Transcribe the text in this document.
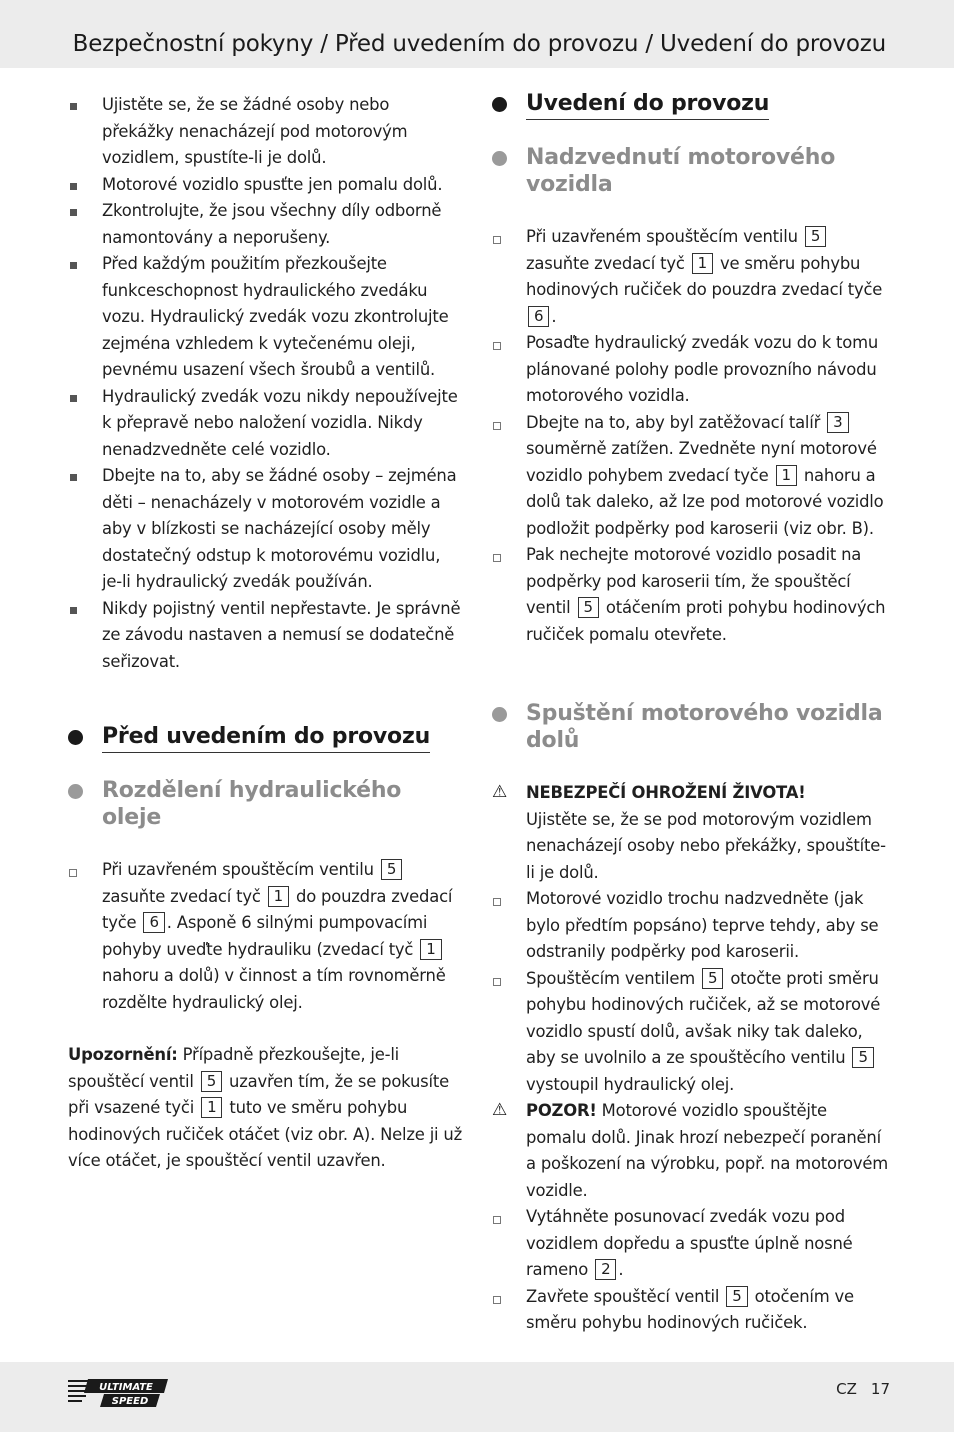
Bezpečnostní pokyny / Před uvedením do provozu / Uvedení do provozu
Ujistěte se, že se žádné osoby nebo překážky nenacházejí pod motorovým vozidlem, spustíte-li je dolů.
Motorové vozidlo spusťte jen pomalu dolů.
Zkontrolujte, že jsou všechny díly odborně namontovány a neporušeny.
Před každým použitím přezkoušejte funkceschopnost hydraulického zvedáku vozu. Hydraulický zvedák vozu zkontrolujte zejména vzhledem k vytečenému oleji, pevnému usazení všech šroubů a ventilů.
Hydraulický zvedák vozu nikdy nepoužívejte k přepravě nebo naložení vozidla. Nikdy nenadzvedněte celé vozidlo.
Dbejte na to, aby se žádné osoby – zejména děti – nenacházely v motorovém vozidle a aby v blízkosti se nacházející osoby měly dostatečný odstup k motorovému vozidlu, je-li hydraulický zvedák používán.
Nikdy pojistný ventil nepřestavte. Je správně ze závodu nastaven a nemusí se dodatečně seřizovat.
Před uvedením do provozu
Rozdělení hydraulického oleje
Při uzavřeném spouštěcím ventilu 5 zasuňte zvedací tyč 1 do pouzdra zvedací tyče 6 . Asponě 6 silnými pumpovacími pohyby uveďte hydrauliku (zvedací tyč 1 nahoru a dolů) v činnost a tím rovnoměrně rozdělte hydraulický olej.
Upozornění: Případně přezkoušejte, je-li spouštěcí ventil 5 uzavřen tím, že se pokusíte při vsazené tyči 1 tuto ve směru pohybu hodinových ručiček otáčet (viz obr. A). Nelze ji už více otáčet, je spouštěcí ventil uzavřen.
Uvedení do provozu
Nadzvednutí motorového vozidla
Při uzavřeném spouštěcím ventilu 5 zasuňte zvedací tyč 1 ve směru pohybu hodinových ručiček do pouzdra zvedací tyče 6 .
Posaďte hydraulický zvedák vozu do k tomu plánované polohy podle provozního návodu motorového vozidla.
Dbejte na to, aby byl zatěžovací talíř 3 souměrně zatížen. Zvedněte nyní motorové vozidlo pohybem zvedací tyče 1 nahoru a dolů tak daleko, až lze pod motorové vozidlo podložit podpěrky pod karoserii (viz obr. B).
Pak nechejte motorové vozidlo posadit na podpěrky pod karoserii tím, že spouštěcí ventil 5 otáčením proti pohybu hodinových ručiček pomalu otevřete.
Spuštění motorového vozidla dolů
⚠ NEBEZPEČÍ OHROŽENÍ ŽIVOTA!
Ujistěte se, že se pod motorovým vozidlem nenacházejí osoby nebo překážky, spouštíte-li je dolů.
Motorové vozidlo trochu nadzvedněte (jak bylo předtím popsáno) teprve tehdy, aby se odstranily podpěrky pod karoserii.
Spouštěcím ventilem 5 otočte proti směru pohybu hodinových ručiček, až se motorové vozidlo spustí dolů, avšak niky tak daleko, aby se uvolnilo a ze spouštěcího ventilu 5 vystoupil hydraulický olej.
⚠ POZOR! Motorové vozidlo spouštějte pomalu dolů. Jinak hrozí nebezpečí poranění a poškození na výrobku, popř. na motorovém vozidle.
Vytáhněte posunovací zvedák vozu pod vozidlem dopředu a spusťte úplně nosné rameno 2 .
Zavřete spouštěcí ventil 5 otočením ve směru pohybu hodinových ručiček.
ULTIMATE
SPEED
CZ 17
